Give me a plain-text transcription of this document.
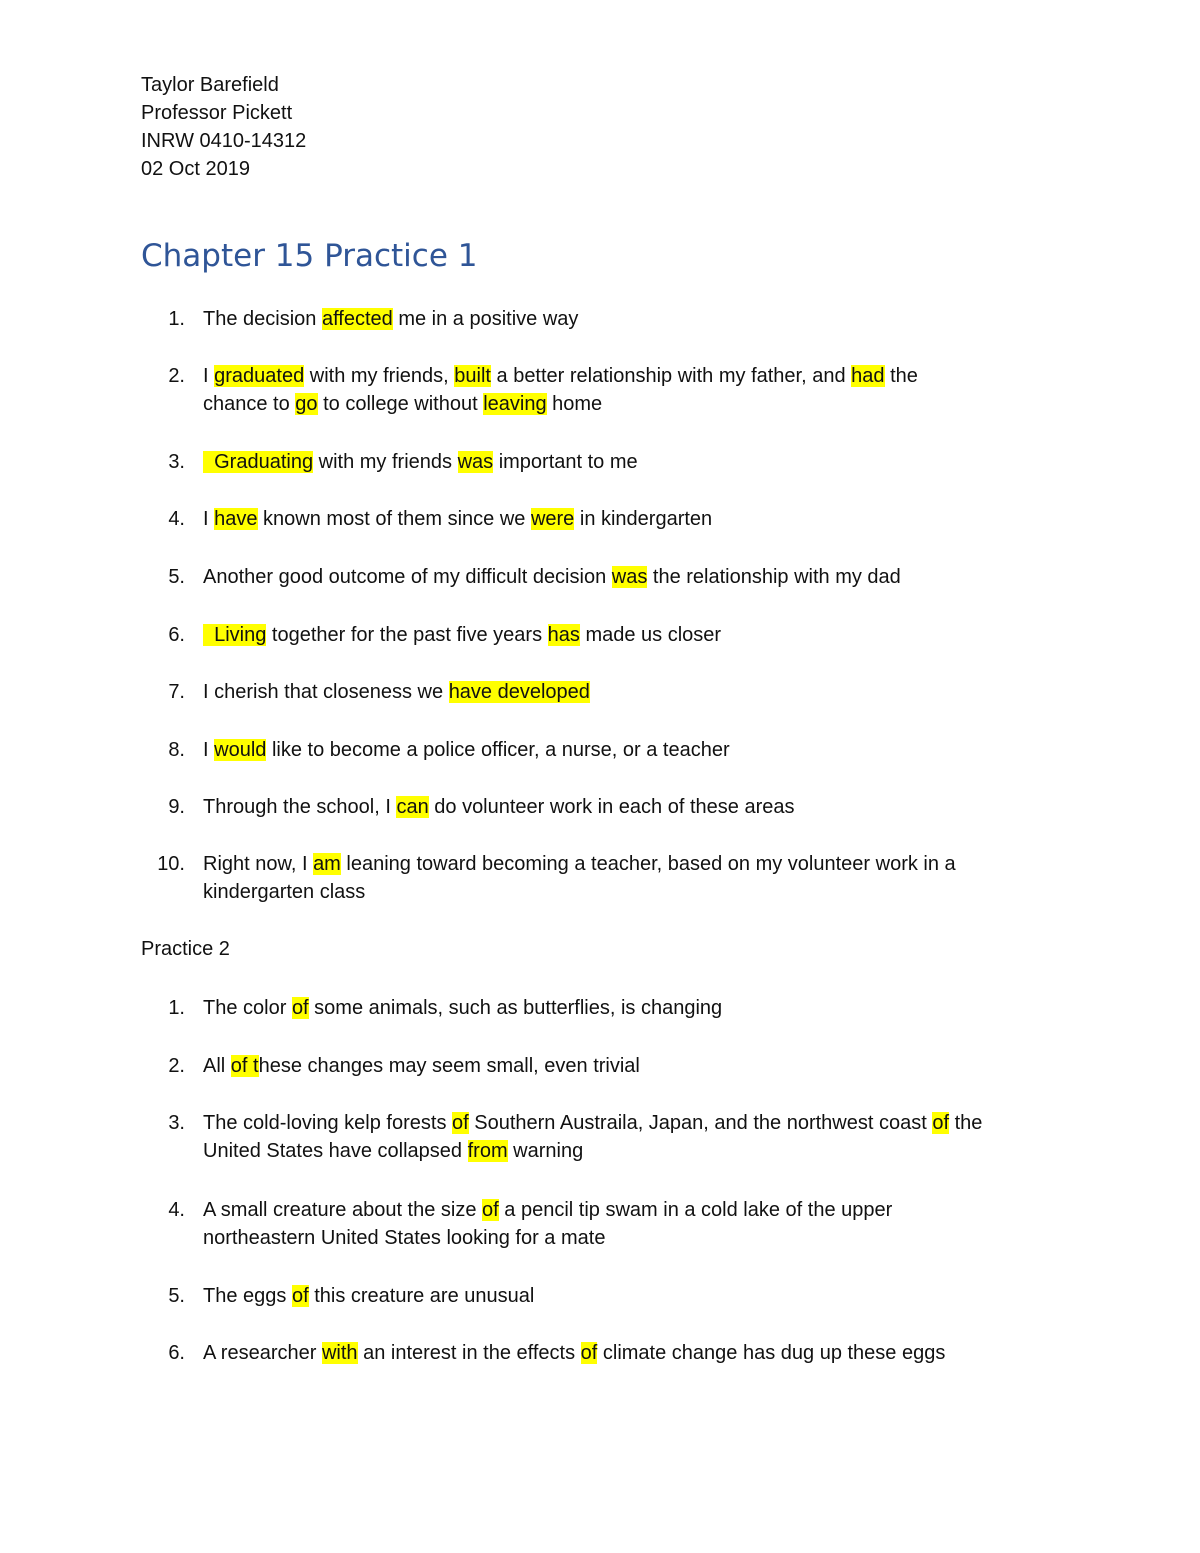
Taylor Barefield
Professor Pickett
INRW 0410-14312
02 Oct 2019
Chapter 15 Practice 1
1. The decision affected me in a positive way
2. I graduated with my friends, built a better relationship with my father, and had the
chance to go to college without leaving home
3. Graduating with my friends was important to me
4. I have known most of them since we were in kindergarten
5. Another good outcome of my difficult decision was the relationship with my dad
6. Living together for the past five years has made us closer
7. I cherish that closeness we have developed
8. I would like to become a police officer, a nurse, or a teacher
9. Through the school, I can do volunteer work in each of these areas
10. Right now, I am leaning toward becoming a teacher, based on my volunteer work in a
kindergarten class
Practice 2
1. The color of some animals, such as butterflies, is changing
2. All of these changes may seem small, even trivial
3. The cold-loving kelp forests of Southern Austraila, Japan, and the northwest coast of the
United States have collapsed from warning
4. A small creature about the size of a pencil tip swam in a cold lake of the upper
northeastern United States looking for a mate
5. The eggs of this creature are unusual
6. A researcher with an interest in the effects of climate change has dug up these eggs
